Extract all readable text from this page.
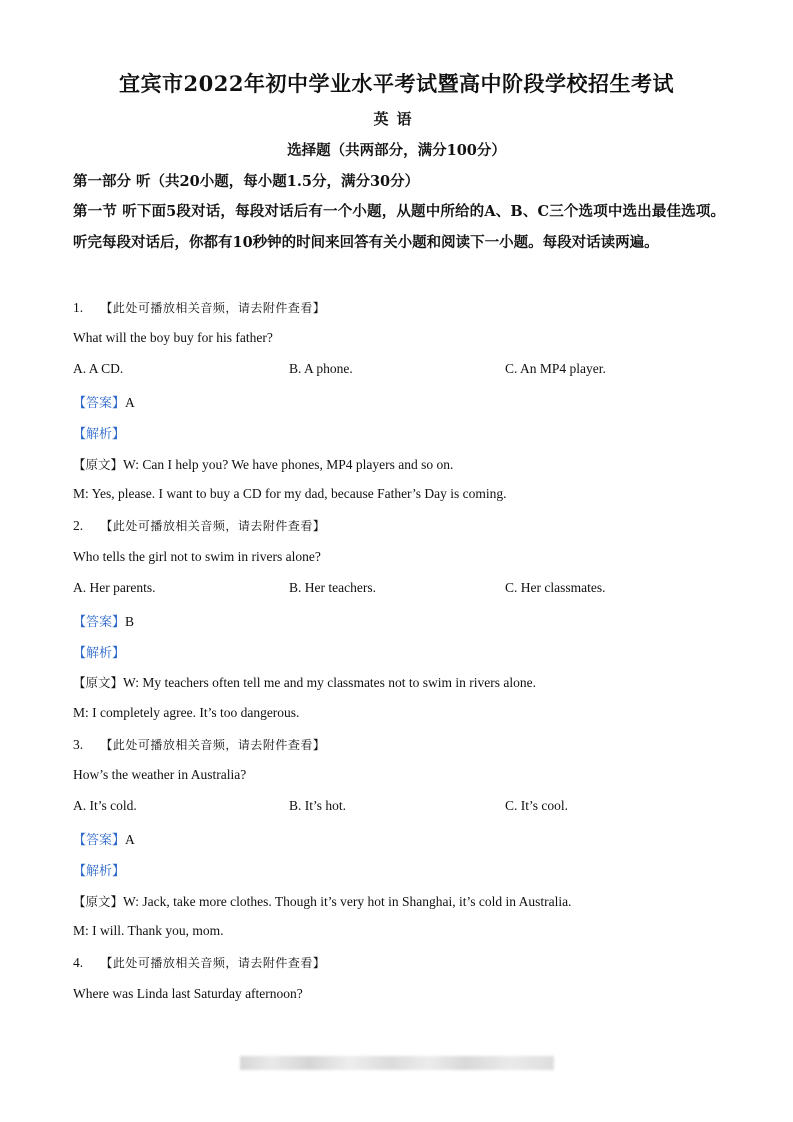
宜宾市2022年初中学业水平考试暨高中阶段学校招生考试
英语
选择题（共两部分，满分100分）
第一部分 听（共20小题，每小题1.5分，满分30分）
第一节 听下面5段对话，每段对话后有一个小题，从题中所给的A、B、C三个选项中选出最佳选项。听完每段对话后，你都有10秒钟的时间来回答有关小题和阅读下一小题。每段对话读两遍。
1. 【此处可播放相关音频，请去附件查看】
What will the boy buy for his father?
A. A CD.	B. A phone.	C. An MP4 player.
【答案】A
【解析】
【原文】W: Can I help you? We have phones, MP4 players and so on.
M: Yes, please. I want to buy a CD for my dad, because Father’s Day is coming.
2. 【此处可播放相关音频，请去附件查看】
Who tells the girl not to swim in rivers alone?
A. Her parents.	B. Her teachers.	C. Her classmates.
【答案】B
【解析】
【原文】W: My teachers often tell me and my classmates not to swim in rivers alone.
M: I completely agree. It’s too dangerous.
3. 【此处可播放相关音频，请去附件查看】
How’s the weather in Australia?
A. It’s cold.	B. It’s hot.	C. It’s cool.
【答案】A
【解析】
【原文】W: Jack, take more clothes. Though it’s very hot in Shanghai, it’s cold in Australia.
M: I will. Thank you, mom.
4. 【此处可播放相关音频，请去附件查看】
Where was Linda last Saturday afternoon?
